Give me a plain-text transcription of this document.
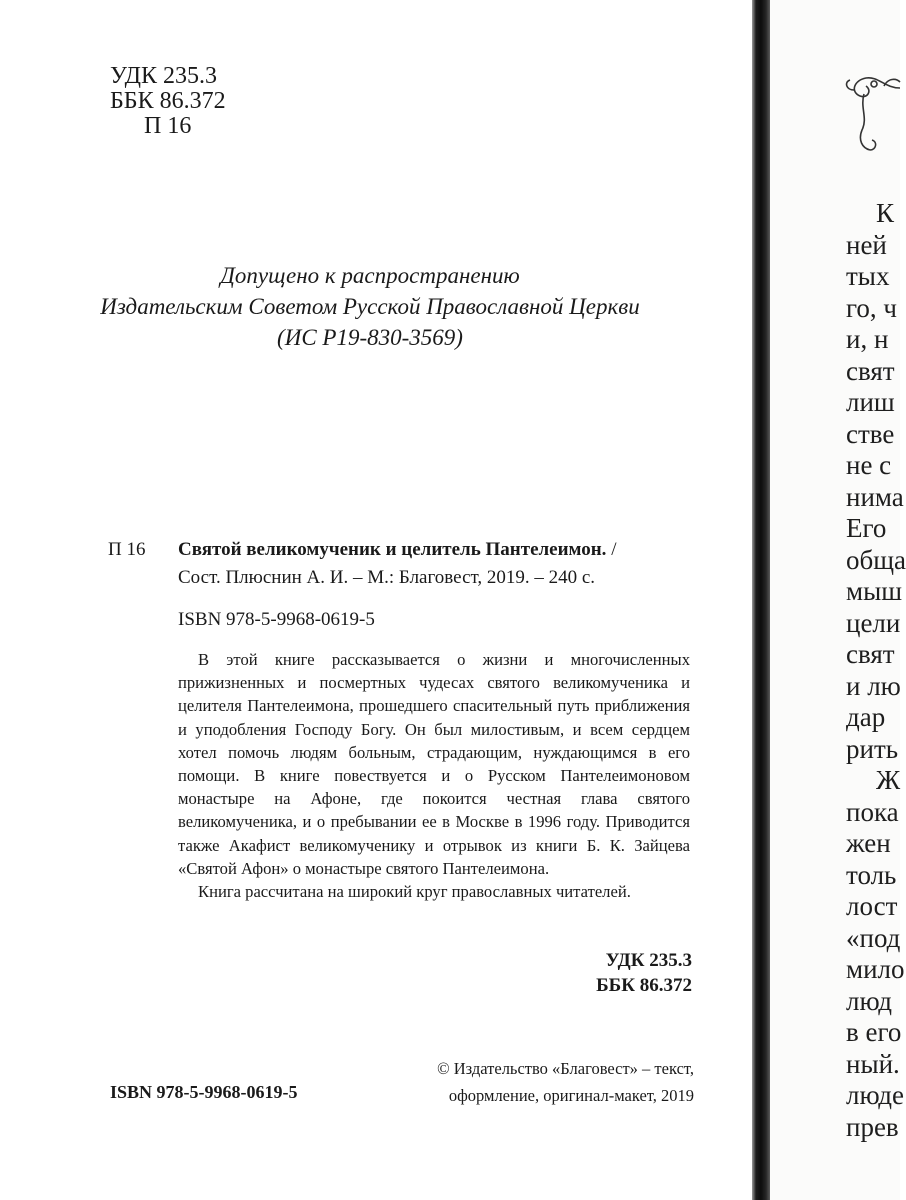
УДК 235.3
ББК 86.372
П 16
Допущено к распространению
Издательским Советом Русской Православной Церкви
(ИС Р19-830-3569)
П 16 Святой великомученик и целитель Пантелеимон. /
Сост. Плюснин А. И. – М.: Благовест, 2019. – 240 с.
ISBN 978-5-9968-0619-5

В этой книге рассказывается о жизни и многочисленных прижизненных и посмертных чудесах святого великомученика и целителя Пантелеимона, прошедшего спасительный путь приближения и уподобления Господу Богу. Он был милостивым, и всем сердцем хотел помочь людям больным, страдающим, нуждающимся в его помощи. В книге повествуется и о Русском Пантелеимоновом монастыре на Афоне, где покоится честная глава святого великомученика, и о пребывании ее в Москве в 1996 году. Приводится также Акафист великомученику и отрывок из книги Б. К. Зайцева «Святой Афон» о монастыре святого Пантелеимона.

Книга рассчитана на широкий круг православных читателей.

УДК 235.3
ББК 86.372
ISBN 978-5-9968-0619-5
© Издательство «Благовест» – текст,
оформление, оригинал-макет, 2019
К
ней
тых
го, ч
и, н
свят
лиш
стве
не с
нима
Его
обща
мыш
цели
свят
и лю
дар
рить
Ж
пока
жен
толь
лост
«под
мило
люд
в его
ный.
люде
прев
